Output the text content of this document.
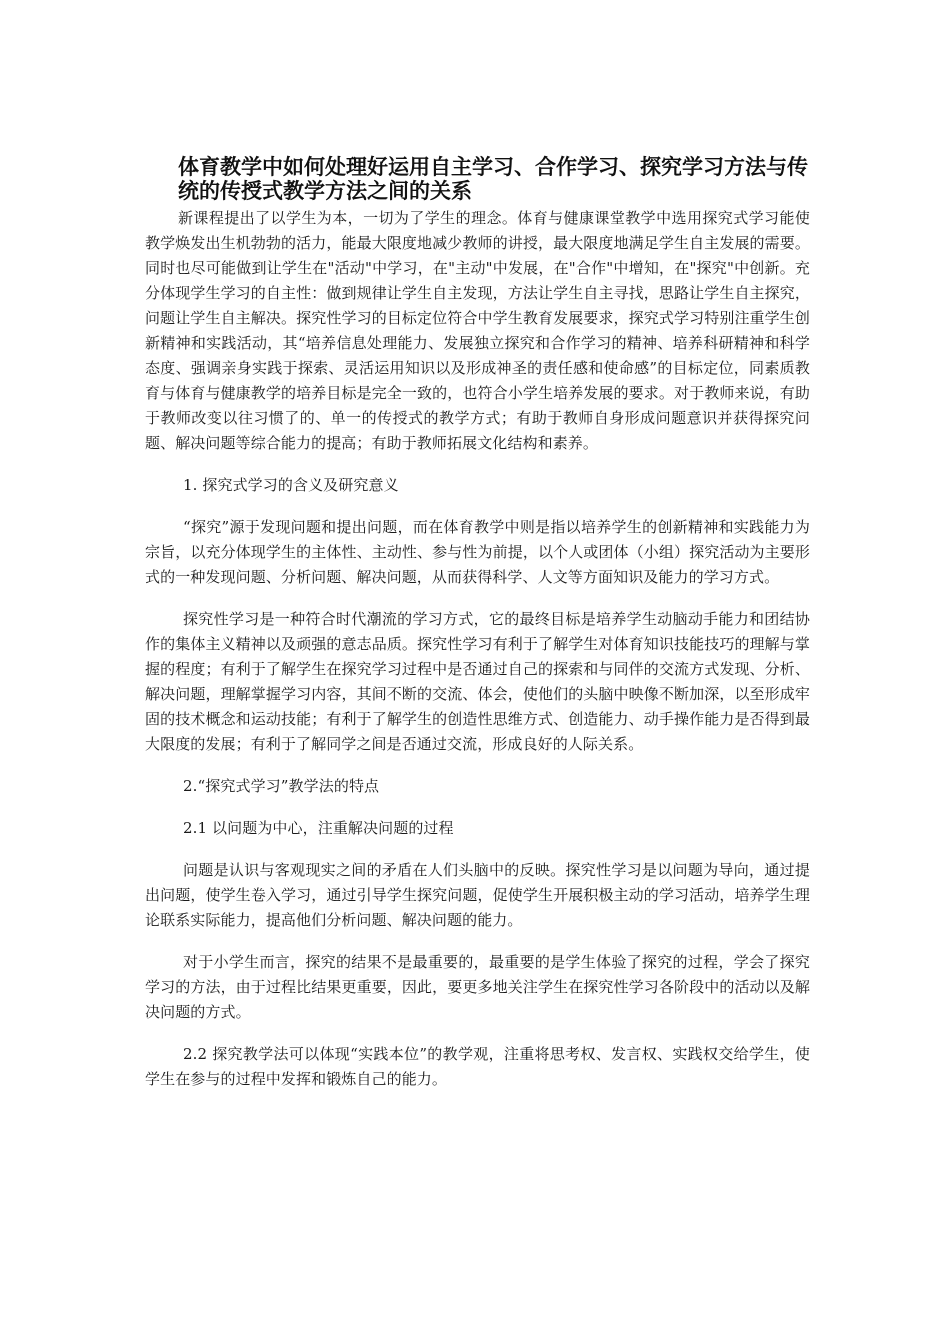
体育教学中如何处理好运用自主学习、合作学习、探究学习方法与传统的传授式教学方法之间的关系

新课程提出了以学生为本，一切为了学生的理念。体育与健康课堂教学中选用探究式学习能使教学焕发出生机勃勃的活力，能最大限度地减少教师的讲授，最大限度地满足学生自主发展的需要。同时也尽可能做到让学生在"活动"中学习，在"主动"中发展，在"合作"中增知，在"探究"中创新。充分体现学生学习的自主性：做到规律让学生自主发现，方法让学生自主寻找，思路让学生自主探究，问题让学生自主解决。探究性学习的目标定位符合中学生教育发展要求，探究式学习特别注重学生创新精神和实践活动，其“培养信息处理能力、发展独立探究和合作学习的精神、培养科研精神和科学态度、强调亲身实践于探索、灵活运用知识以及形成神圣的责任感和使命感”的目标定位，同素质教育与体育与健康教学的培养目标是完全一致的，也符合小学生培养发展的要求。对于教师来说，有助于教师改变以往习惯了的、单一的传授式的教学方式；有助于教师自身形成问题意识并获得探究问题、解决问题等综合能力的提高；有助于教师拓展文化结构和素养。

1. 探究式学习的含义及研究意义

“探究”源于发现问题和提出问题，而在体育教学中则是指以培养学生的创新精神和实践能力为宗旨，以充分体现学生的主体性、主动性、参与性为前提，以个人或团体（小组）探究活动为主要形式的一种发现问题、分析问题、解决问题，从而获得科学、人文等方面知识及能力的学习方式。

探究性学习是一种符合时代潮流的学习方式，它的最终目标是培养学生动脑动手能力和团结协作的集体主义精神以及顽强的意志品质。探究性学习有利于了解学生对体育知识技能技巧的理解与掌握的程度；有利于了解学生在探究学习过程中是否通过自己的探索和与同伴的交流方式发现、分析、解决问题，理解掌握学习内容，其间不断的交流、体会，使他们的头脑中映像不断加深，以至形成牢固的技术概念和运动技能；有利于了解学生的创造性思维方式、创造能力、动手操作能力是否得到最大限度的发展；有利于了解同学之间是否通过交流，形成良好的人际关系。

2.“探究式学习”教学法的特点

2.1 以问题为中心，注重解决问题的过程

问题是认识与客观现实之间的矛盾在人们头脑中的反映。探究性学习是以问题为导向，通过提出问题，使学生卷入学习，通过引导学生探究问题，促使学生开展积极主动的学习活动，培养学生理论联系实际能力，提高他们分析问题、解决问题的能力。

对于小学生而言，探究的结果不是最重要的，最重要的是学生体验了探究的过程，学会了探究学习的方法，由于过程比结果更重要，因此，要更多地关注学生在探究性学习各阶段中的活动以及解决问题的方式。

2.2 探究教学法可以体现“实践本位”的教学观，注重将思考权、发言权、实践权交给学生，使学生在参与的过程中发挥和锻炼自己的能力。
